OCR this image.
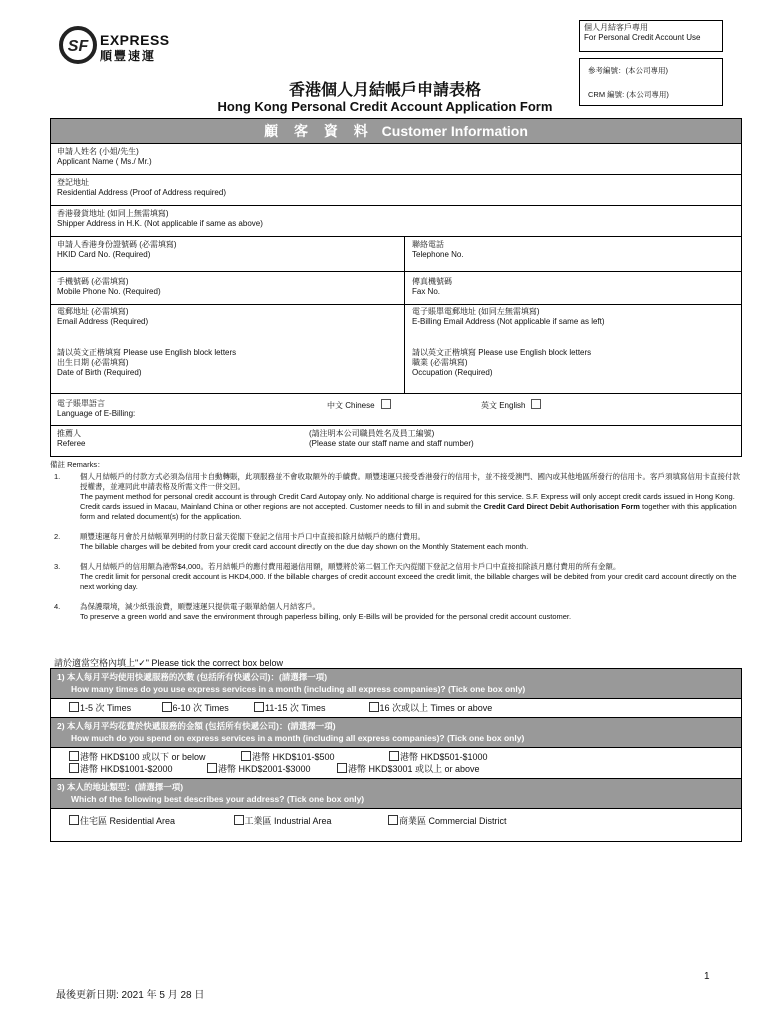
SF EXPRESS
順豐速運
個人月結客戶專用
For Personal Credit Account Use
參考編號：(本公司專用)
CRM 編號: (本公司專用)
香港個人月結帳戶申請表格
Hong Kong Personal Credit Account Application Form
顧 客 資 料 Customer Information
申請人姓名 (小姐/先生)
Applicant Name ( Ms./ Mr.)
登記地址
Residential Address (Proof of Address required)
香港發貨地址 (如同上無需填寫)
Shipper Address in H.K. (Not applicable if same as above)
申請人香港身份證號碼 (必需填寫)
HKID Card No. (Required)
聯絡電話
Telephone No.
手機號碼 (必需填寫)
Mobile Phone No. (Required)
傳真機號碼
Fax No.
電郵地址 (必需填寫)
Email Address (Required)
請以英文正楷填寫 Please use English block letters
出生日期 (必需填寫)
Date of Birth (Required)
電子賬單電郵地址 (如同左無需填寫)
E-Billing Email Address (Not applicable if same as left)
請以英文正楷填寫 Please use English block letters
職業 (必需填寫)
Occupation (Required)
電子賬單語言
Language of E-Billing:
中文 Chinese	英文 English
推薦人
Referee
(請注明本公司職員姓名及員工編號)
(Please state our staff name and staff number)
備註 Remarks：
1.	個人月結帳戶的付款方式必須為信用卡自動轉賬，此項服務並不會收取額外的手續費。順豐速運只接受香港發行的信用卡，並不接受澳門、國內或其他地區所發行的信用卡。客戶須填寫信用卡直接付款授權書，並連同此申請表格及所需文件一併交回。
The payment method for personal credit account is through Credit Card Autopay only. No additional charge is required for this service. S.F. Express will only accept credit cards issued in Hong Kong. Credit cards issued in Macau, Mainland China or other regions are not accepted. Customer needs to fill in and submit the Credit Card Direct Debit Authorisation Form together with this application form and related document(s) for the application.
2.	順豐速運每月會於月結帳單列明的付款日當天從閣下登記之信用卡戶口中直接扣除月結帳戶的應付費用。
The billable charges will be debited from your credit card account directly on the due day shown on the Monthly Statement each month.
3.	個人月結帳戶的信用額為港幣$4,000。若月結帳戶的應付費用超過信用額，順豐將於第二個工作天內從閣下登記之信用卡戶口中直接扣除該月應付費用的所有金額。
The credit limit for personal credit account is HKD4,000. If the billable charges of credit account exceed the credit limit, the billable charges will be debited from your credit card account directly on the next working day.
4.	為保護環境，減少紙張浪費，順豐速運只提供電子賬單給個人月結客戶。
To preserve a green world and save the environment through paperless billing, only E-Bills will be provided for the personal credit account customer.
請於適當空格內填上"✓" Please tick the correct box below
1) 本人每月平均使用快遞服務的次數 (包括所有快遞公司)：(請選擇一項)
How many times do you use express services in a month (including all express companies)? (Tick one box only)
1-5 次 Times	6-10 次 Times	11-15 次 Times	16 次或以上 Times or above
2) 本人每月平均花費於快遞服務的金額 (包括所有快遞公司)：(請選擇一項)
How much do you spend on express services in a month (including all express companies)? (Tick one box only)
港幣 HKD$100 或以下 or below	港幣 HKD$101-$500	港幣 HKD$501-$1000
港幣 HKD$1001-$2000	港幣 HKD$2001-$3000	港幣 HKD$3001 或以上 or above
3) 本人的地址類型：(請選擇一項)
Which of the following best describes your address? (Tick one box only)
住宅區 Residential Area	工業區 Industrial Area	商業區 Commercial District
1
最後更新日期: 2021 年 5 月 28 日
